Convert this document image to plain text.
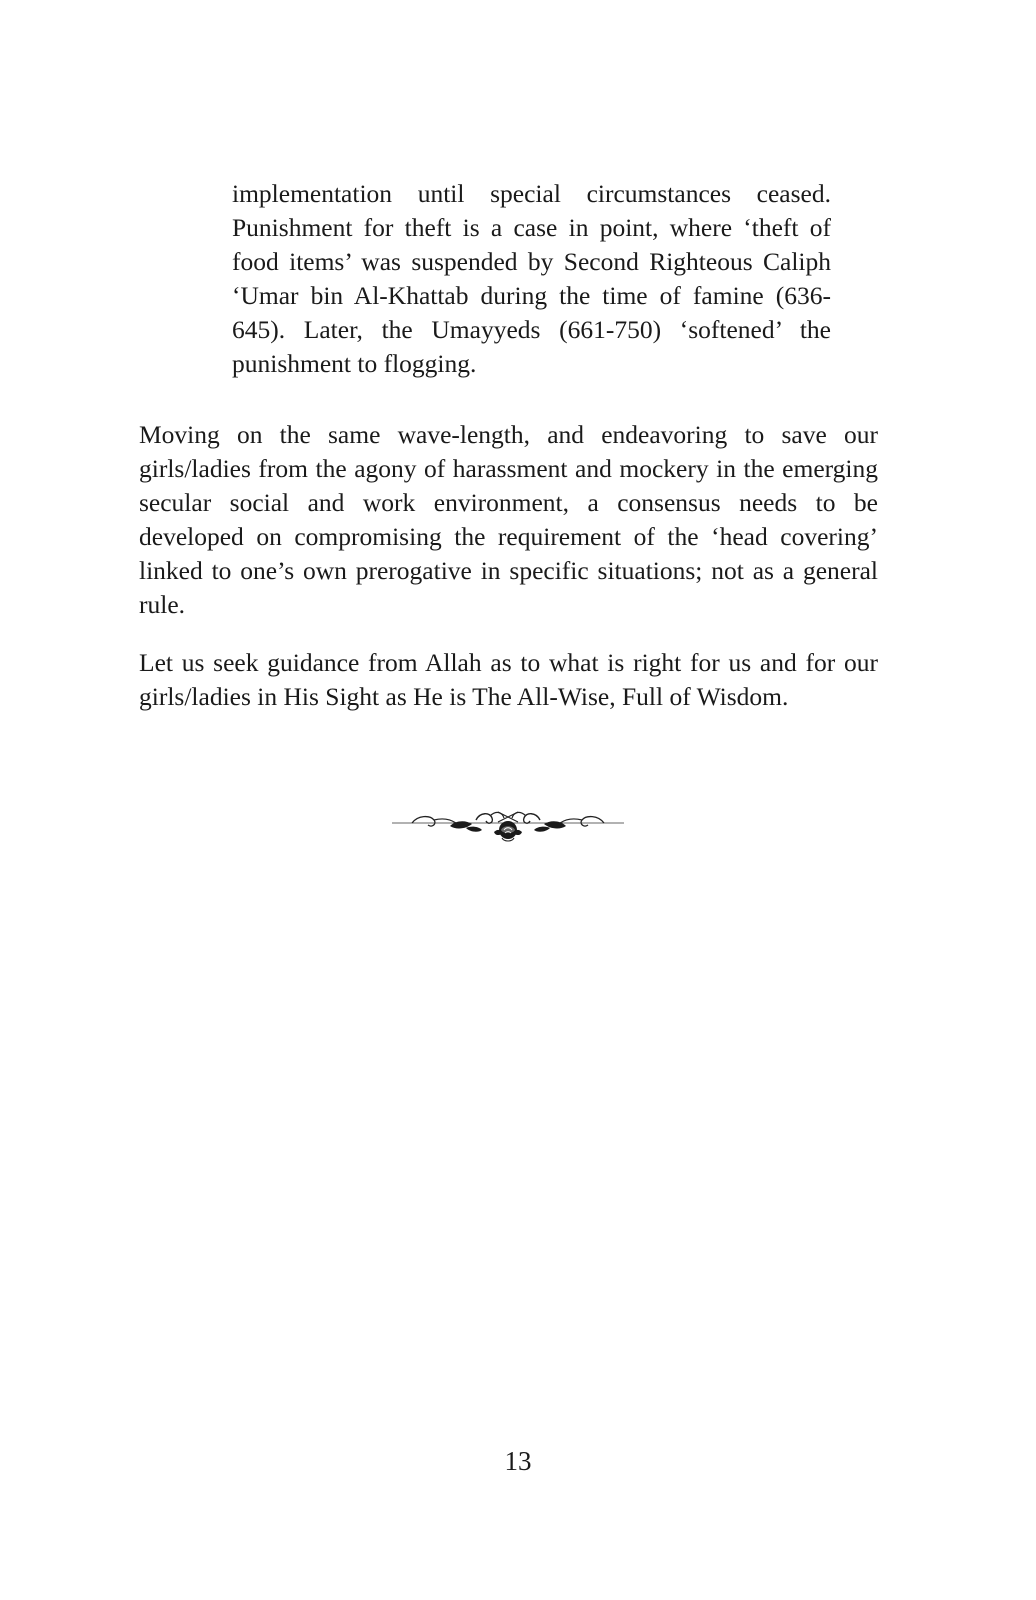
implementation until special circumstances ceased. Punishment for theft is a case in point, where ‘theft of food items’ was suspended by Second Righteous Caliph ‘Umar bin Al-Khattab during the time of famine (636-645). Later, the Umayyeds (661-750) ‘softened’ the punishment to flogging.

Moving on the same wave-length, and endeavoring to save our girls/ladies from the agony of harassment and mockery in the emerging secular social and work environment, a consensus needs to be developed on compromising the requirement of the ‘head covering’ linked to one’s own prerogative in specific situations; not as a general rule.

Let us seek guidance from Allah as to what is right for us and for our girls/ladies in His Sight as He is The All-Wise, Full of Wisdom.

13
